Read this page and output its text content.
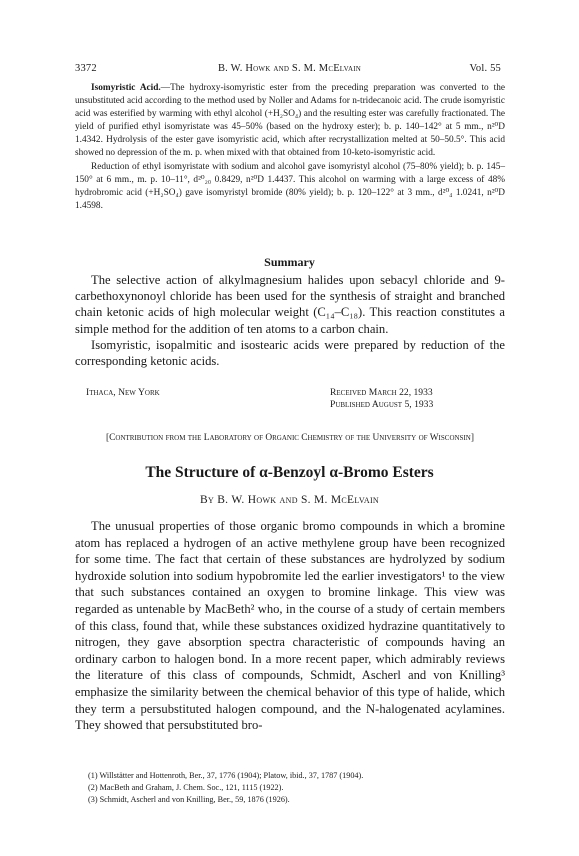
3372	B. W. Howk and S. M. McElvain	Vol. 55

Isomyristic Acid.—The hydroxy-isomyristic ester from the preceding preparation was converted to the unsubstituted acid according to the method used by Noller and Adams for n-tridecanoic acid. The crude isomyristic acid was esterified by warming with ethyl alcohol (+H₂SO₄) and the resulting ester was carefully fractionated. The yield of purified ethyl isomyristate was 45–50% (based on the hydroxy ester); b. p. 140–142° at 5 mm., n²⁰D 1.4342. Hydrolysis of the ester gave isomyristic acid, which after recrystallization melted at 50–50.5°. This acid showed no depression of the m. p. when mixed with that obtained from 10-keto-isomyristic acid.

Reduction of ethyl isomyristate with sodium and alcohol gave isomyristyl alcohol (75–80% yield); b. p. 145–150° at 6 mm., m. p. 10–11°, d²⁰₂₀ 0.8429, n²⁰D 1.4437. This alcohol on warming with a large excess of 48% hydrobromic acid (+H₂SO₄) gave isomyristyl bromide (80% yield); b. p. 120–122° at 3 mm., d²⁰₄ 1.0241, n²⁰D 1.4598.

Summary

The selective action of alkylmagnesium halides upon sebacyl chloride and 9-carbethoxynonoyl chloride has been used for the synthesis of straight and branched chain ketonic acids of high molecular weight (C₁₄–C₁₈). This reaction constitutes a simple method for the addition of ten atoms to a carbon chain.

Isomyristic, isopalmitic and isostearic acids were prepared by reduction of the corresponding ketonic acids.

Ithaca, New York	Received March 22, 1933
Published August 5, 1933
[Contribution from the Laboratory of Organic Chemistry of the University of Wisconsin]
The Structure of α-Benzoyl α-Bromo Esters
By B. W. Howk and S. M. McElvain

The unusual properties of those organic bromo compounds in which a bromine atom has replaced a hydrogen of an active methylene group have been recognized for some time. The fact that certain of these substances are hydrolyzed by sodium hydroxide solution into sodium hypobromite led the earlier investigators¹ to the view that such substances contained an oxygen to bromine linkage. This view was regarded as untenable by MacBeth² who, in the course of a study of certain members of this class, found that, while these substances oxidized hydrazine quantitatively to nitrogen, they gave absorption spectra characteristic of compounds having an ordinary carbon to halogen bond. In a more recent paper, which admirably reviews the literature of this class of compounds, Schmidt, Ascherl and von Knilling³ emphasize the similarity between the chemical behavior of this type of halide, which they term a persubstituted halogen compound, and the N-halogenated acylamines. They showed that persubstituted bro-

(1) Willstätter and Hottenroth, Ber., 37, 1776 (1904); Platow, ibid., 37, 1787 (1904).
(2) MacBeth and Graham, J. Chem. Soc., 121, 1115 (1922).
(3) Schmidt, Ascherl and von Knilling, Ber., 59, 1876 (1926).
